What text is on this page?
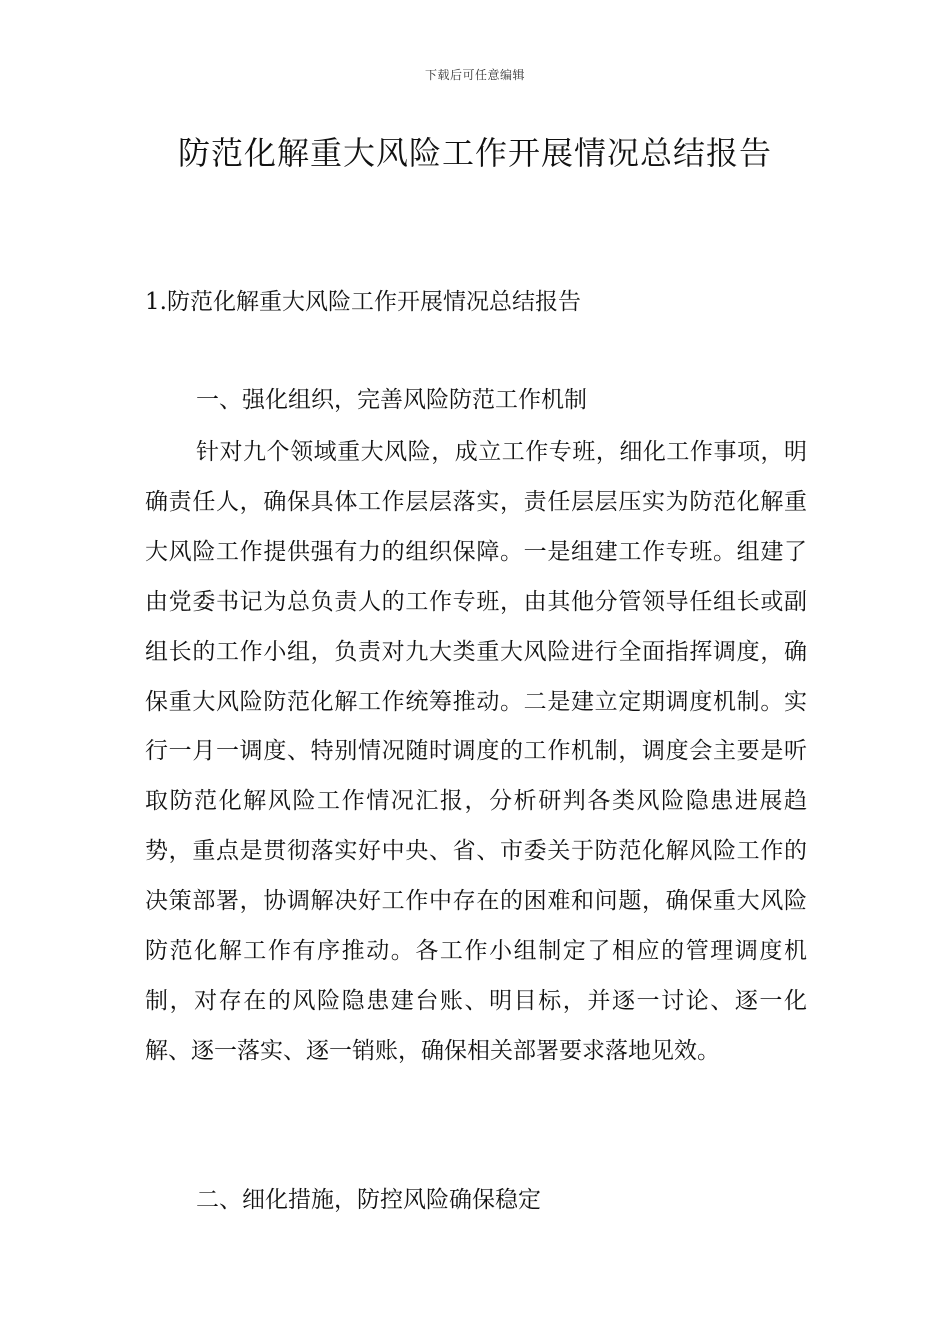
下载后可任意编辑
防范化解重大风险工作开展情况总结报告

1.防范化解重大风险工作开展情况总结报告

一、强化组织，完善风险防范工作机制

针对九个领域重大风险，成立工作专班，细化工作事项，明确责任人，确保具体工作层层落实，责任层层压实为防范化解重大风险工作提供强有力的组织保障。一是组建工作专班。组建了由党委书记为总负责人的工作专班，由其他分管领导任组长或副组长的工作小组，负责对九大类重大风险进行全面指挥调度，确保重大风险防范化解工作统筹推动。二是建立定期调度机制。实行一月一调度、特别情况随时调度的工作机制，调度会主要是听取防范化解风险工作情况汇报，分析研判各类风险隐患进展趋势，重点是贯彻落实好中央、省、市委关于防范化解风险工作的决策部署，协调解决好工作中存在的困难和问题，确保重大风险防范化解工作有序推动。各工作小组制定了相应的管理调度机制，对存在的风险隐患建台账、明目标，并逐一讨论、逐一化解、逐一落实、逐一销账，确保相关部署要求落地见效。

二、细化措施，防控风险确保稳定
